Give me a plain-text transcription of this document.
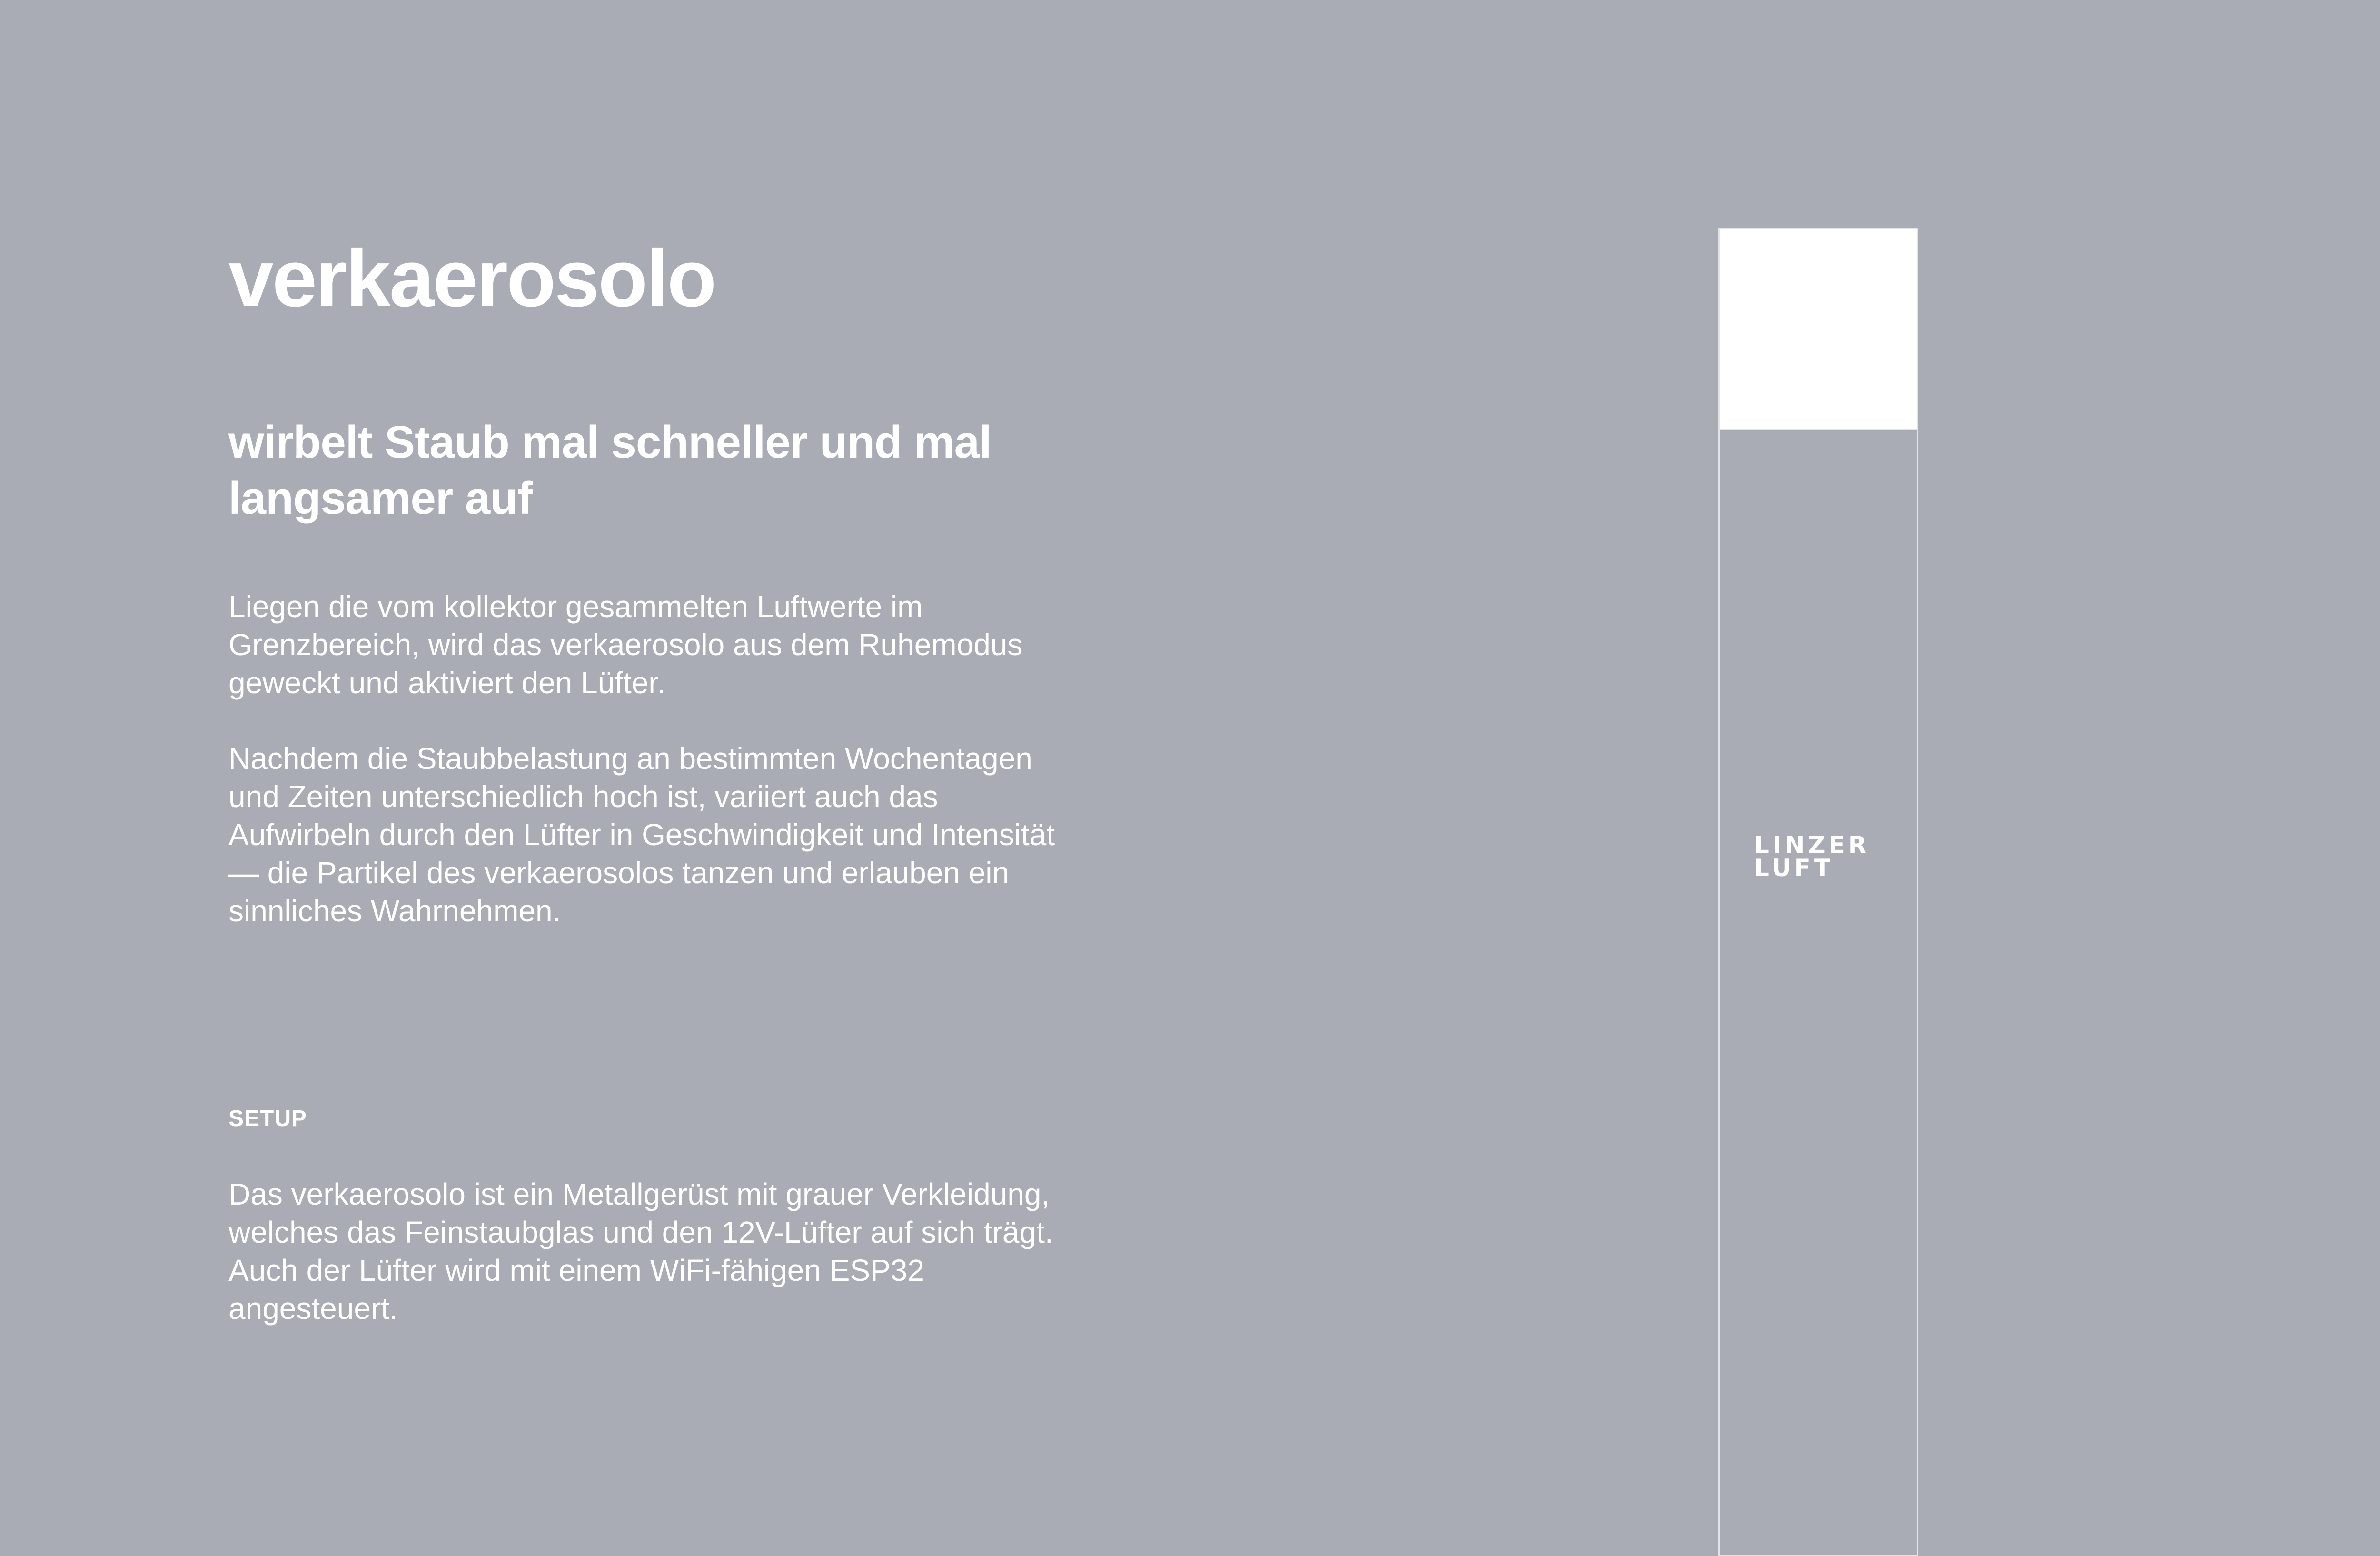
verkaerosolo
wirbelt Staub mal schneller und mal langsamer auf

Liegen die vom kollektor gesammelten Luftwerte im Grenzbereich, wird das verkaerosolo aus dem Ruhemodus geweckt und aktiviert den Lüfter.

Nachdem die Staubbelastung an bestimmten Wochentagen und Zeiten unterschiedlich hoch ist, variiert auch das Aufwirbeln durch den Lüfter in Geschwindigkeit und Intensität — die Partikel des verkaerosolos tanzen und erlauben ein sinnliches Wahrnehmen.

SETUP

Das verkaerosolo ist ein Metallgerüst mit grauer Verkleidung, welches das Feinstaubglas und den 12V-Lüfter auf sich trägt. Auch der Lüfter wird mit einem WiFi-fähigen ESP32 angesteuert.

LINZER
LUFT
